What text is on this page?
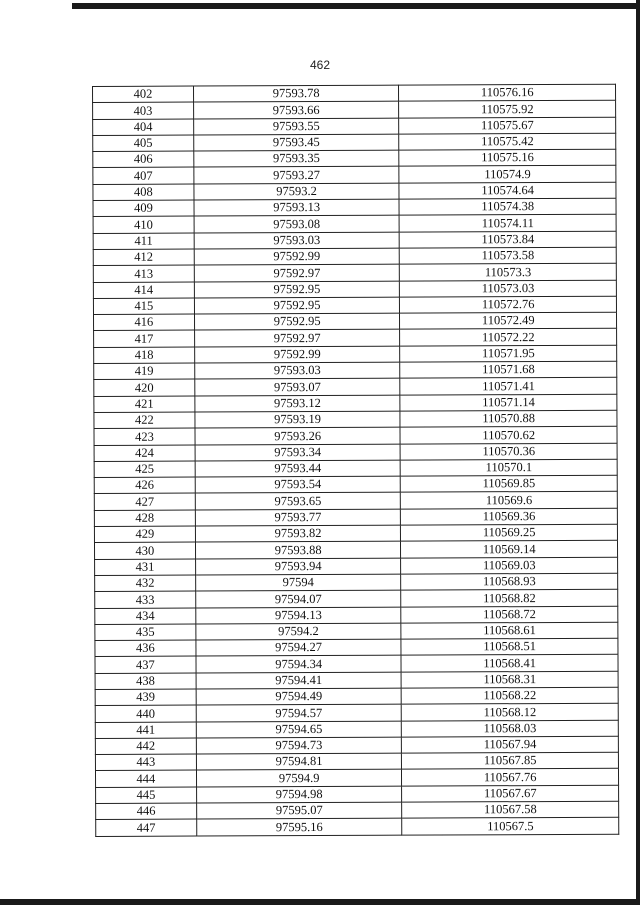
462
402	97593.78	110576.16
403	97593.66	110575.92
404	97593.55	110575.67
405	97593.45	110575.42
406	97593.35	110575.16
407	97593.27	110574.9
408	97593.2	110574.64
409	97593.13	110574.38
410	97593.08	110574.11
411	97593.03	110573.84
412	97592.99	110573.58
413	97592.97	110573.3
414	97592.95	110573.03
415	97592.95	110572.76
416	97592.95	110572.49
417	97592.97	110572.22
418	97592.99	110571.95
419	97593.03	110571.68
420	97593.07	110571.41
421	97593.12	110571.14
422	97593.19	110570.88
423	97593.26	110570.62
424	97593.34	110570.36
425	97593.44	110570.1
426	97593.54	110569.85
427	97593.65	110569.6
428	97593.77	110569.36
429	97593.82	110569.25
430	97593.88	110569.14
431	97593.94	110569.03
432	97594	110568.93
433	97594.07	110568.82
434	97594.13	110568.72
435	97594.2	110568.61
436	97594.27	110568.51
437	97594.34	110568.41
438	97594.41	110568.31
439	97594.49	110568.22
440	97594.57	110568.12
441	97594.65	110568.03
442	97594.73	110567.94
443	97594.81	110567.85
444	97594.9	110567.76
445	97594.98	110567.67
446	97595.07	110567.58
447	97595.16	110567.5
